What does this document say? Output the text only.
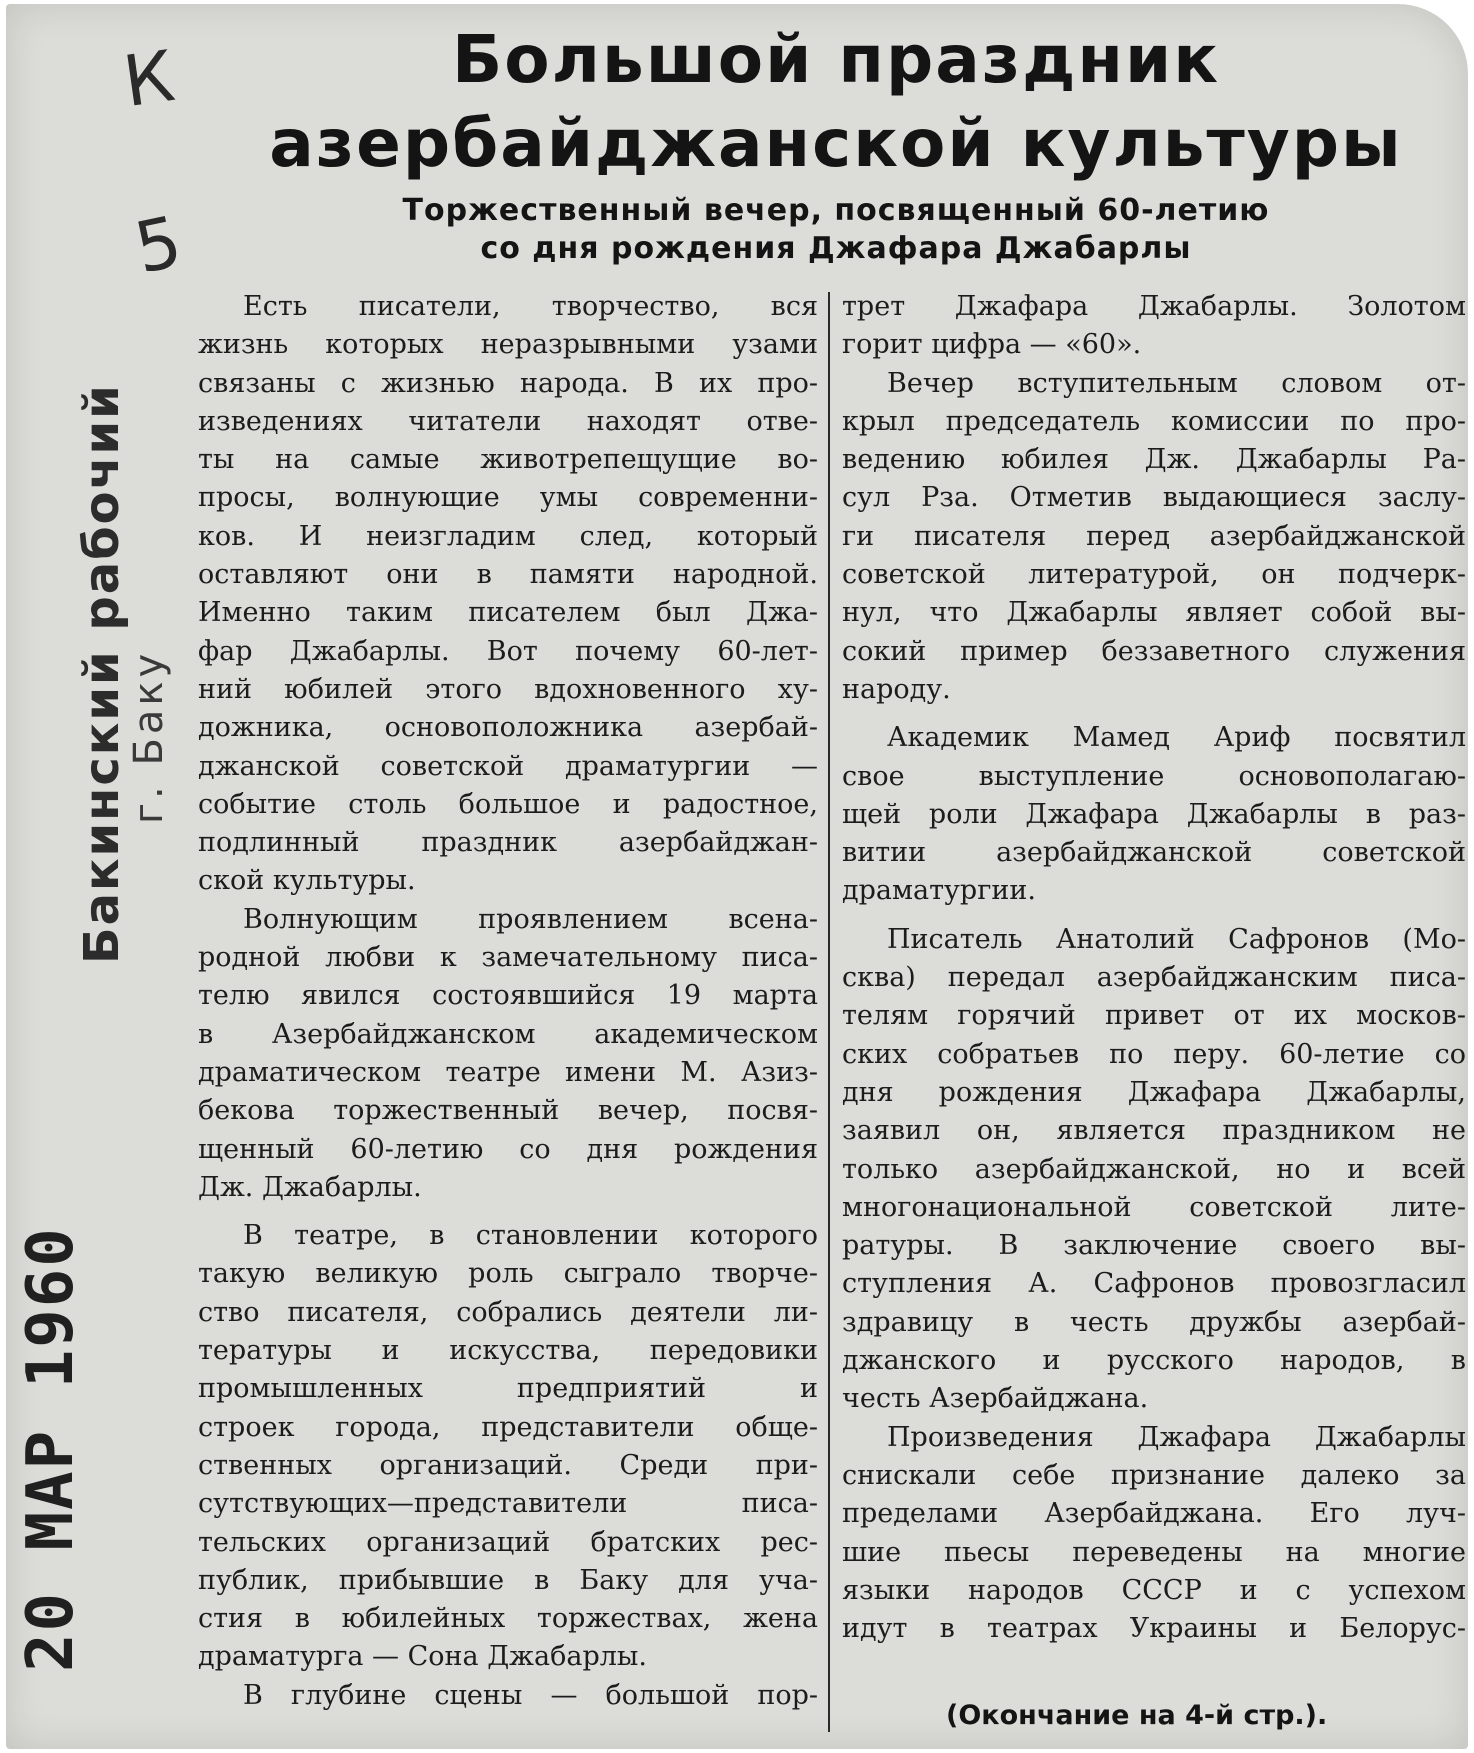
К
5
Большой праздник
азербайджанской культуры
Торжественный вечер, посвященный 60-летию
со дня рождения Джафара Джабарлы
Бакинский рабочий
г. Баку
20 МАР 1960
Есть писатели, творчество, вся
жизнь которых неразрывными узами
связаны с жизнью народа. В их про-
изведениях читатели находят отве-
ты на самые животрепещущие во-
просы, волнующие умы современни-
ков. И неизгладим след, который
оставляют они в памяти народной.
Именно таким писателем был Джа-
фар Джабарлы. Вот почему 60-лет-
ний юбилей этого вдохновенного ху-
дожника, основоположника азербай-
джанской советской драматургии —
событие столь большое и радостное,
подлинный праздник азербайджан-
ской культуры.
Волнующим проявлением всена-
родной любви к замечательному писа-
телю явился состоявшийся 19 марта
в Азербайджанском академическом
драматическом театре имени М. Азиз-
бекова торжественный вечер, посвя-
щенный 60-летию со дня рождения
Дж. Джабарлы.
В театре, в становлении которого
такую великую роль сыграло творче-
ство писателя, собрались деятели ли-
тературы и искусства, передовики
промышленных предприятий и
строек города, представители обще-
ственных организаций. Среди при-
сутствующих—представители писа-
тельских организаций братских рес-
публик, прибывшие в Баку для уча-
стия в юбилейных торжествах, жена
драматурга — Сона Джабарлы.
В глубине сцены — большой пор-
трет Джафара Джабарлы. Золотом
горит цифра — «60».
Вечер вступительным словом от-
крыл председатель комиссии по про-
ведению юбилея Дж. Джабарлы Ра-
сул Рза. Отметив выдающиеся заслу-
ги писателя перед азербайджанской
советской литературой, он подчерк-
нул, что Джабарлы являет собой вы-
сокий пример беззаветного служения
народу.
Академик Мамед Ариф посвятил
свое выступление основополагаю-
щей роли Джафара Джабарлы в раз-
витии азербайджанской советской
драматургии.
Писатель Анатолий Сафронов (Мо-
сква) передал азербайджанским писа-
телям горячий привет от их москов-
ских собратьев по перу. 60-летие со
дня рождения Джафара Джабарлы,
заявил он, является праздником не
только азербайджанской, но и всей
многонациональной советской лите-
ратуры. В заключение своего вы-
ступления А. Сафронов провозгласил
здравицу в честь дружбы азербай-
джанского и русского народов, в
честь Азербайджана.
Произведения Джафара Джабарлы
снискали себе признание далеко за
пределами Азербайджана. Его луч-
шие пьесы переведены на многие
языки народов СССР и с успехом
идут в театрах Украины и Белорус-
(Окончание на 4-й стр.).
